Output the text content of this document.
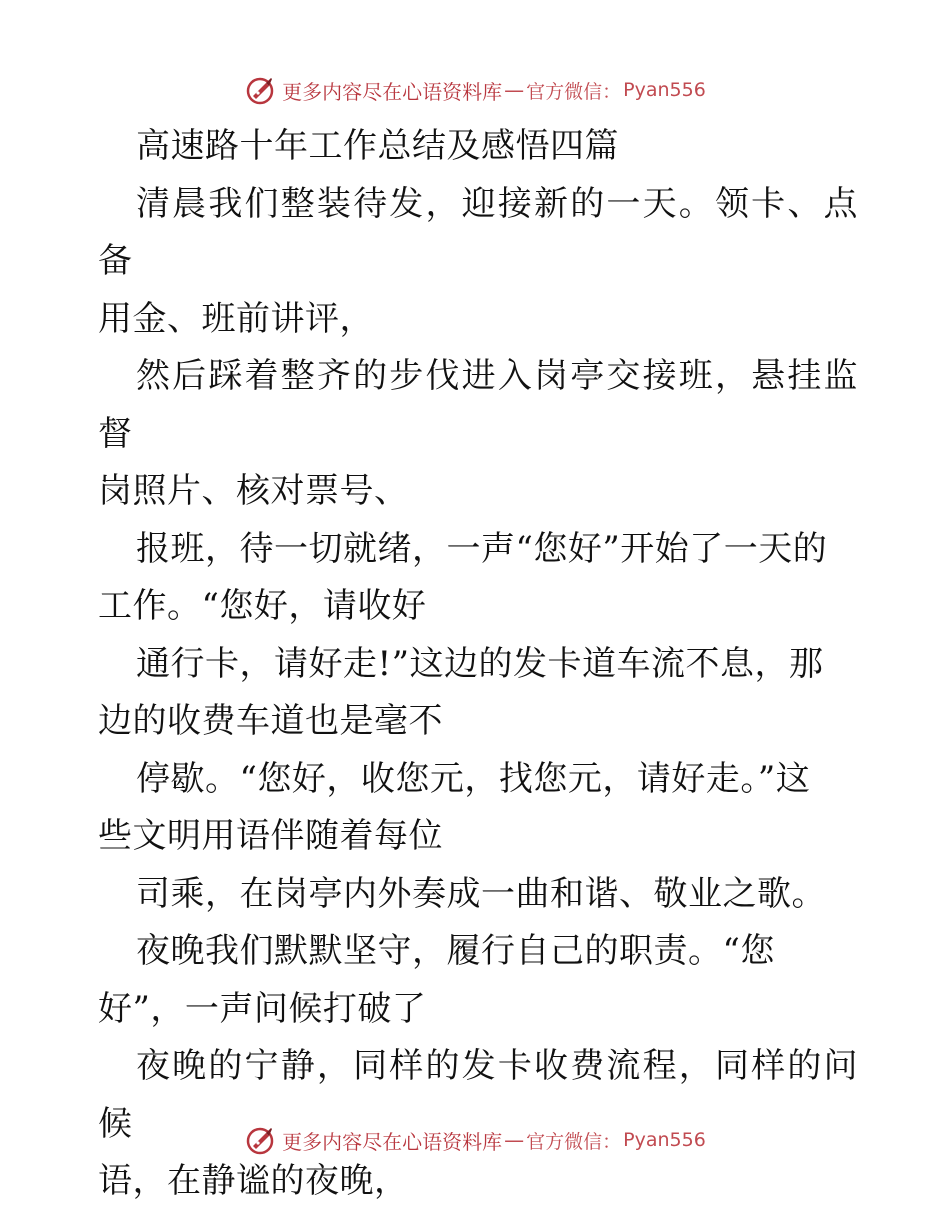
更多内容尽在心语资料库 — 官方微信： Pyan556

高速路十年工作总结及感悟四篇

清晨我们整装待发，迎接新的一天。领卡、点备
用金、班前讲评，

然后踩着整齐的步伐进入岗亭交接班，悬挂监督
岗照片、核对票号、

报班，待一切就绪，一声“您好”开始了一天的
工作。“您好，请收好

通行卡，请好走!”这边的发卡道车流不息，那
边的收费车道也是毫不

停歇。“您好，收您元，找您元，请好走。”这
些文明用语伴随着每位

司乘，在岗亭内外奏成一曲和谐、敬业之歌。

夜晚我们默默坚守，履行自己的职责。“您
好”，一声问候打破了

夜晚的宁静，同样的发卡收费流程，同样的问候
语，在静谧的夜晚，

更多内容尽在心语资料库 — 官方微信： Pyan556
